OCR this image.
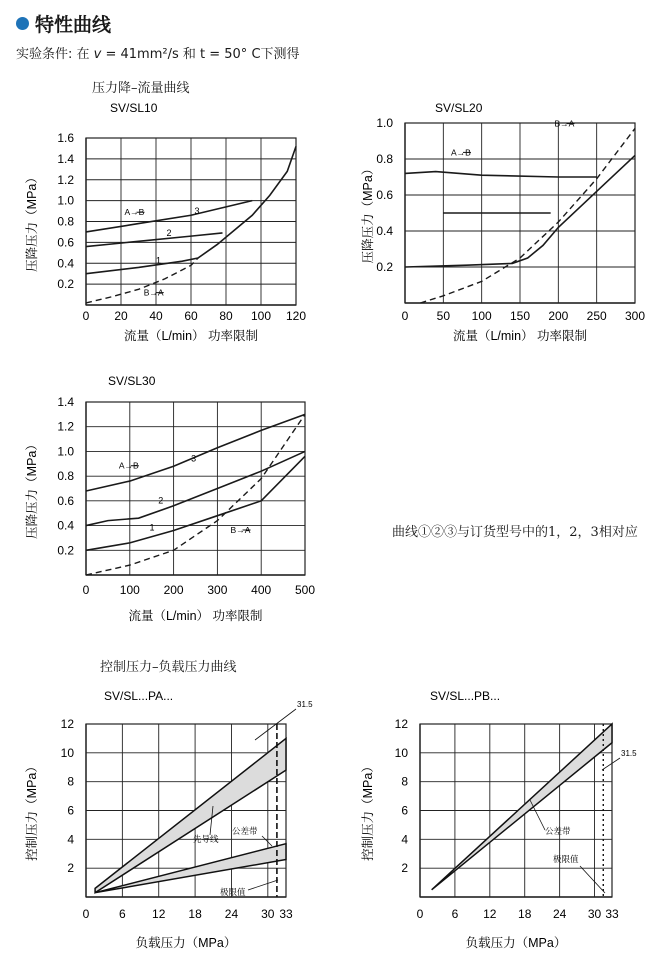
特性曲线
实验条件: 在 v = 41mm²/s 和 t = 50° C下测得
压力降–流量曲线
控制压力–负载压力曲线
曲线①②③与订货型号中的1，2，3相对应
0 20 40 60 80 100 120
0.2
0.4
0.6
0.8
1.0
1.2
1.4
1.6
SV/SL10
流量（L/min） 功率限制
压降压力（MPa）	3
2
1
A→B
B→A
0 50 100 150 200 250 300
0.2
0.4
0.6
0.8
1.0
SV/SL20
流量（L/min） 功率限制
压降压力（MPa）
A→B
B→A
0	100 200 300 400 500
0.2
0.4
0.6
0.8
1.0
1.2
1.4
SV/SL30
流量（L/min） 功率限制
压降压力（MPa）	3
2
1
A→B
B→A
0 6 12 18 24 30 33
2
4
6
8
10
12
SV/SL...PA...
负载压力（MPa）
控制压力（MPa）
31.5
先导线
公差带
极限值
0 6 12 18 24 30 33
2
4
6
8
10
12
SV/SL...PB...
负载压力（MPa）
控制压力（MPa）
31.5
公差带
极限值
